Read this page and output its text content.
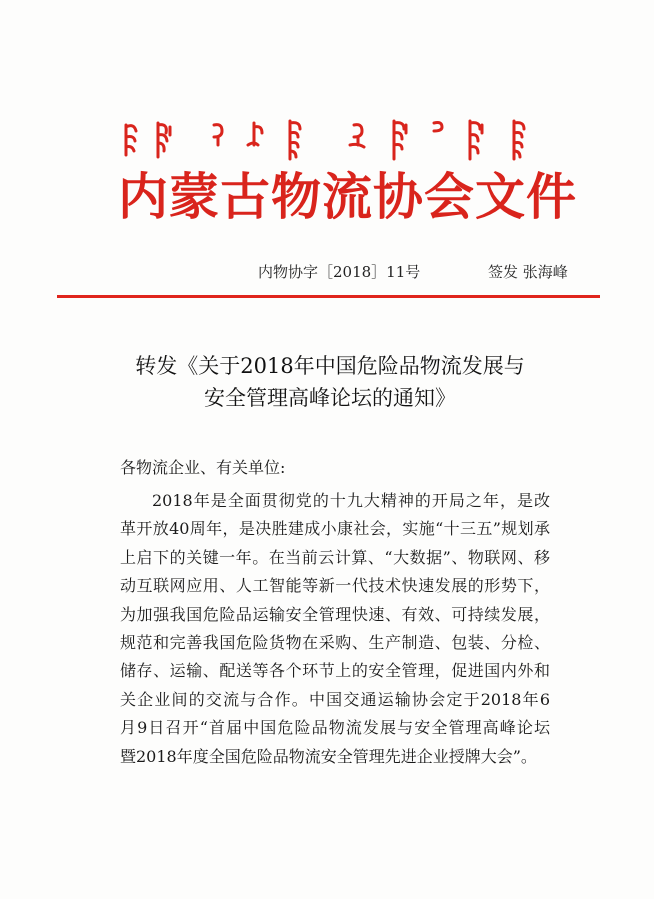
内蒙古物流协会文件
内物协字［2018］11号	签发 张海峰
转发《关于2018年中国危险品物流发展与
安全管理高峰论坛的通知》
各物流企业、有关单位:
2018年是全面贯彻党的十九大精神的开局之年，是改
革开放40周年，是决胜建成小康社会，实施“十三五”规划承
上启下的关键一年。在当前云计算、“大数据”、物联网、移
动互联网应用、人工智能等新一代技术快速发展的形势下，
为加强我国危险品运输安全管理快速、有效、可持续发展，
规范和完善我国危险货物在采购、生产制造、包装、分检、
储存、运输、配送等各个环节上的安全管理，促进国内外和
关企业间的交流与合作。中国交通运输协会定于2018年6
月9日召开“首届中国危险品物流发展与安全管理高峰论坛
暨2018年度全国危险品物流安全管理先进企业授牌大会”。
